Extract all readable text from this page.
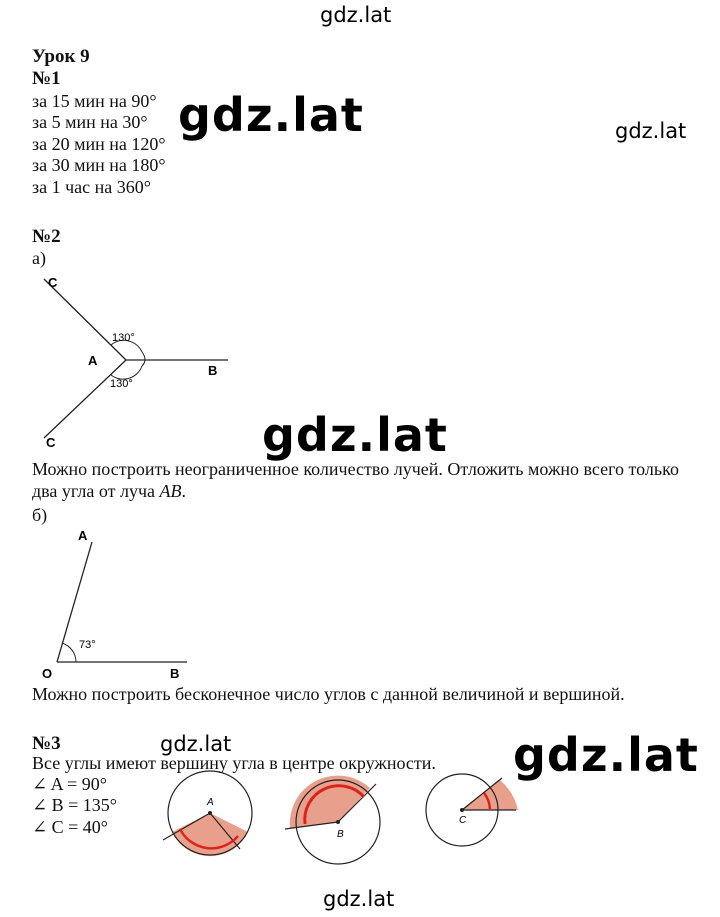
gdz.lat
gdz.lat
gdz.lat
gdz.lat
gdz.lat
gdz.lat
gdz.lat
Урок 9
№1
за 15 мин на 90°
за 5 мин на 30°
за 20 мин на 120°
за 30 мин на 180°
за 1 час на 360°
№2
а)
C
C
A
B
130°
130°
A
O	B
73°
A
B
C
Можно построить неограниченное количество лучей. Отложить можно всего только два угла от луча АВ.
б)
Можно построить бесконечное число углов с данной величиной и вершиной.
№3
Все углы имеют вершину угла в центре окружности.
∠ A = 90°
∠ B = 135°
∠ C = 40°
